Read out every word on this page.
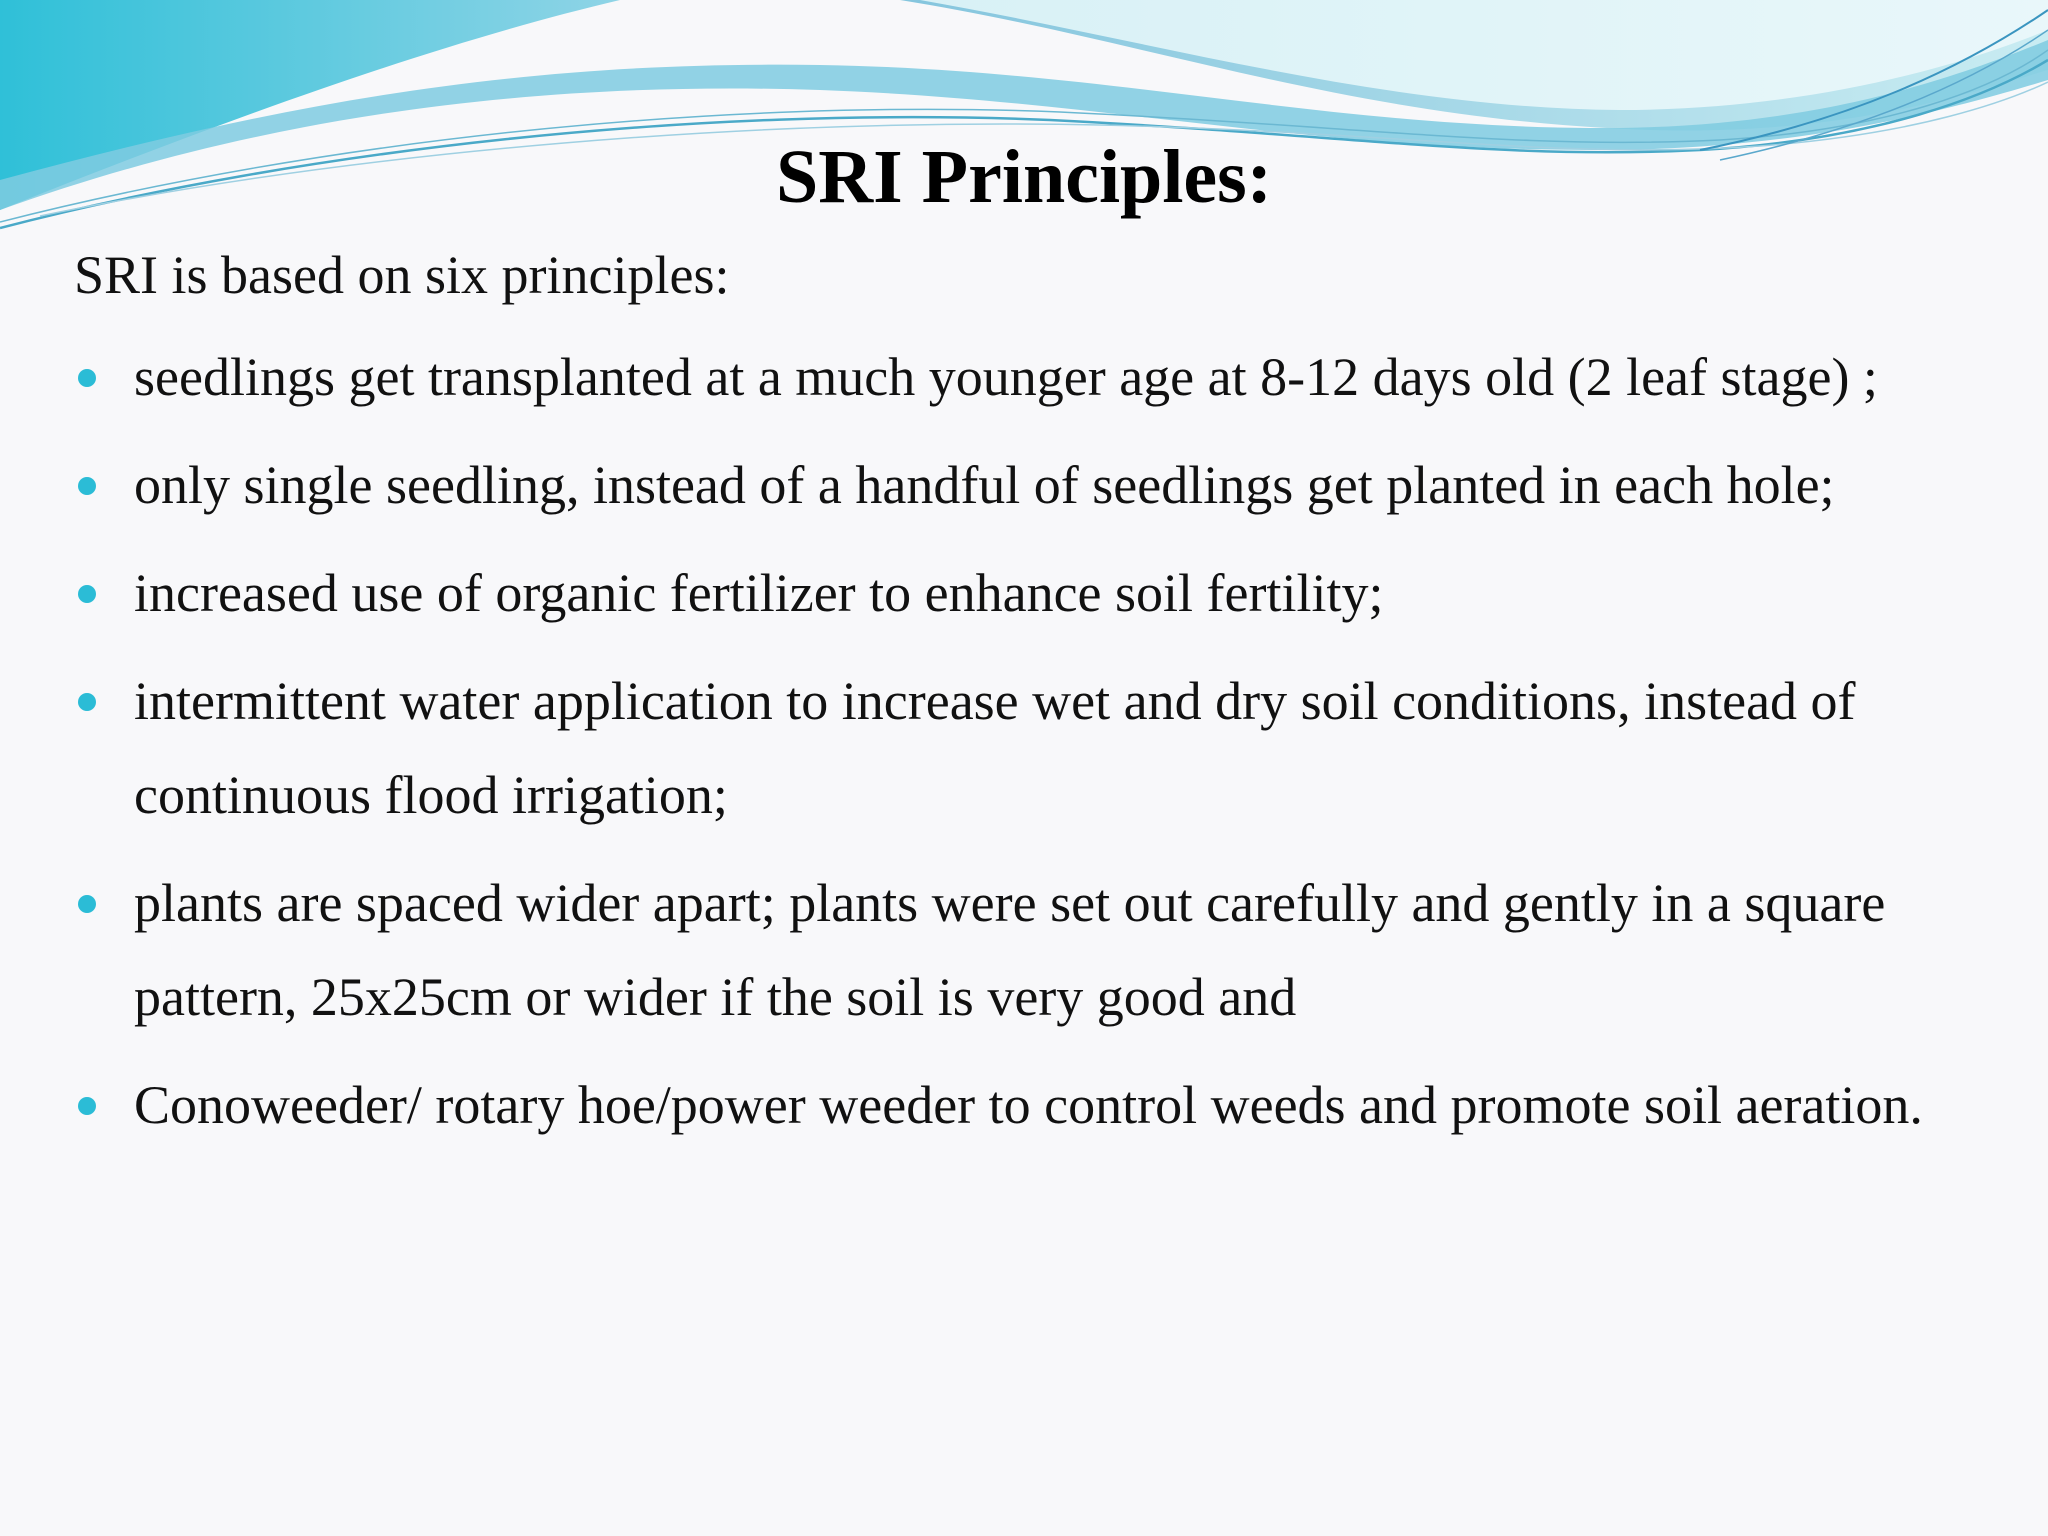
SRI Principles:
SRI is based on six principles:
seedlings get transplanted at a much younger age at 8-12 days old (2 leaf stage) ;
only single seedling, instead of a handful of seedlings get planted in each hole;
increased use of organic fertilizer to enhance soil fertility;
intermittent water application to increase wet and dry soil conditions, instead of continuous flood irrigation;
plants are spaced wider apart; plants were set out carefully and gently in a square pattern, 25x25cm or wider if the soil is very good and
Conoweeder/ rotary hoe/power weeder to control weeds and promote soil aeration.
